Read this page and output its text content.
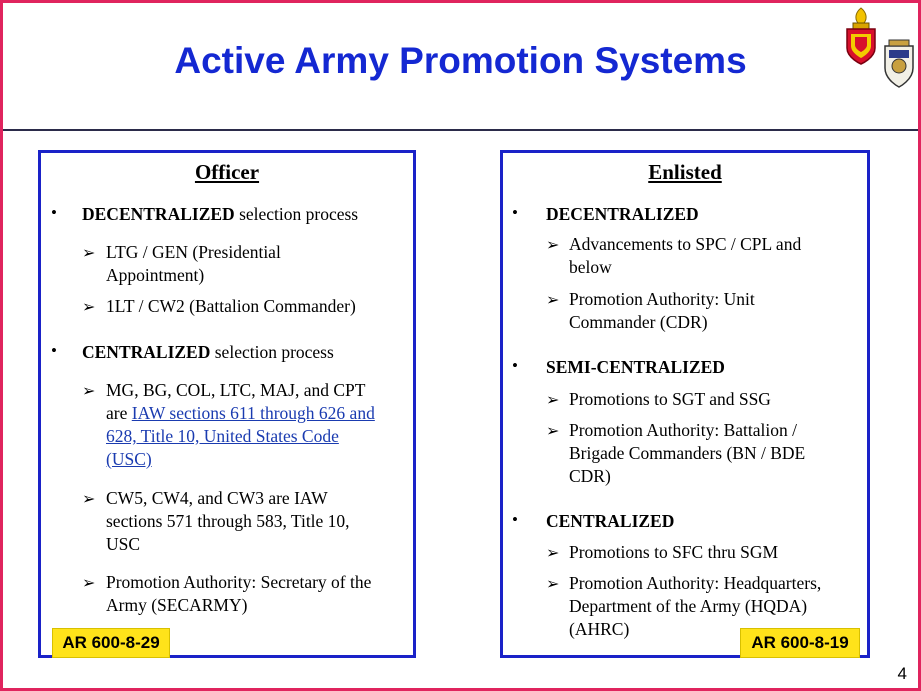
Active Army Promotion Systems
Officer
• DECENTRALIZED selection process
➢ LTG / GEN (Presidential
Appointment)
➢ 1LT / CW2 (Battalion Commander)
• CENTRALIZED selection process
➢ MG, BG, COL, LTC, MAJ, and CPT
are IAW sections 611 through 626 and
628, Title 10, United States Code
(USC)
➢ CW5, CW4, and CW3 are IAW
sections 571 through 583, Title 10,
USC
➢ Promotion Authority: Secretary of the
Army (SECARMY)
AR 600-8-29
Enlisted
• DECENTRALIZED
➢ Advancements to SPC / CPL and
below
➢ Promotion Authority: Unit
Commander (CDR)
• SEMI-CENTRALIZED
➢ Promotions to SGT and SSG
➢ Promotion Authority: Battalion /
Brigade Commanders (BN / BDE
CDR)
• CENTRALIZED
➢ Promotions to SFC thru SGM
➢ Promotion Authority: Headquarters,
Department of the Army (HQDA)
(AHRC)
AR 600-8-19
4
